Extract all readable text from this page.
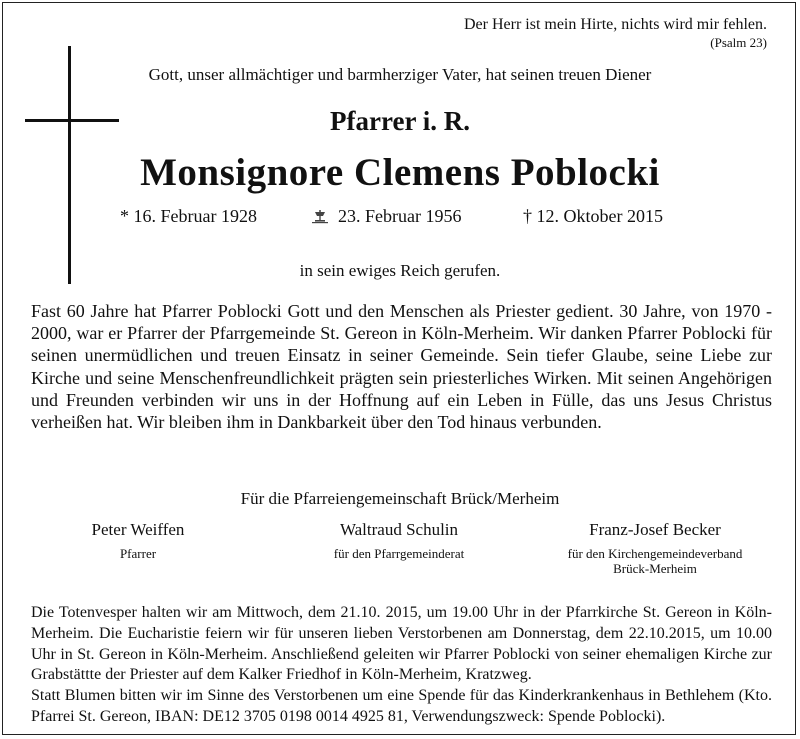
Der Herr ist mein Hirte, nichts wird mir fehlen.
(Psalm 23)
Gott, unser allmächtiger und barmherziger Vater, hat seinen treuen Diener
Pfarrer i. R.
Monsignore Clemens Poblocki
* 16. Februar 1928	23. Februar 1956	† 12. Oktober 2015
in sein ewiges Reich gerufen.
Fast 60 Jahre hat Pfarrer Poblocki Gott und den Menschen als Priester gedient. 30 Jahre, von 1970 - 2000, war er Pfarrer der Pfarrgemeinde St. Gereon in Köln-Merheim. Wir danken Pfarrer Poblocki für seinen unermüdlichen und treuen Einsatz in seiner Gemeinde. Sein tiefer Glaube, seine Liebe zur Kirche und seine Menschenfreundlichkeit prägten sein priesterliches Wirken. Mit seinen Angehörigen und Freunden verbinden wir uns in der Hoffnung auf ein Leben in Fülle, das uns Jesus Christus verheißen hat. Wir bleiben ihm in Dankbarkeit über den Tod hinaus verbunden.
Für die Pfarreiengemeinschaft Brück/Merheim
Peter Weiffen
Pfarrer
Waltraud Schulin
für den Pfarrgemeinderat
Franz-Josef Becker
für den Kirchengemeindeverband
Brück-Merheim
Die Totenvesper halten wir am Mittwoch, dem 21.10. 2015, um 19.00 Uhr in der Pfarrkirche St. Gereon in Köln-Merheim. Die Eucharistie feiern wir für unseren lieben Verstorbenen am Donnerstag, dem 22.10.2015, um 10.00 Uhr in St. Gereon in Köln-Merheim. Anschließend geleiten wir Pfarrer Poblocki von seiner ehemaligen Kirche zur Grabstättte der Priester auf dem Kalker Friedhof in Köln-Merheim, Kratzweg.
Statt Blumen bitten wir im Sinne des Verstorbenen um eine Spende für das Kinderkrankenhaus in Bethlehem (Kto. Pfarrei St. Gereon, IBAN: DE12 3705 0198 0014 4925 81, Verwendungszweck: Spende Poblocki).
